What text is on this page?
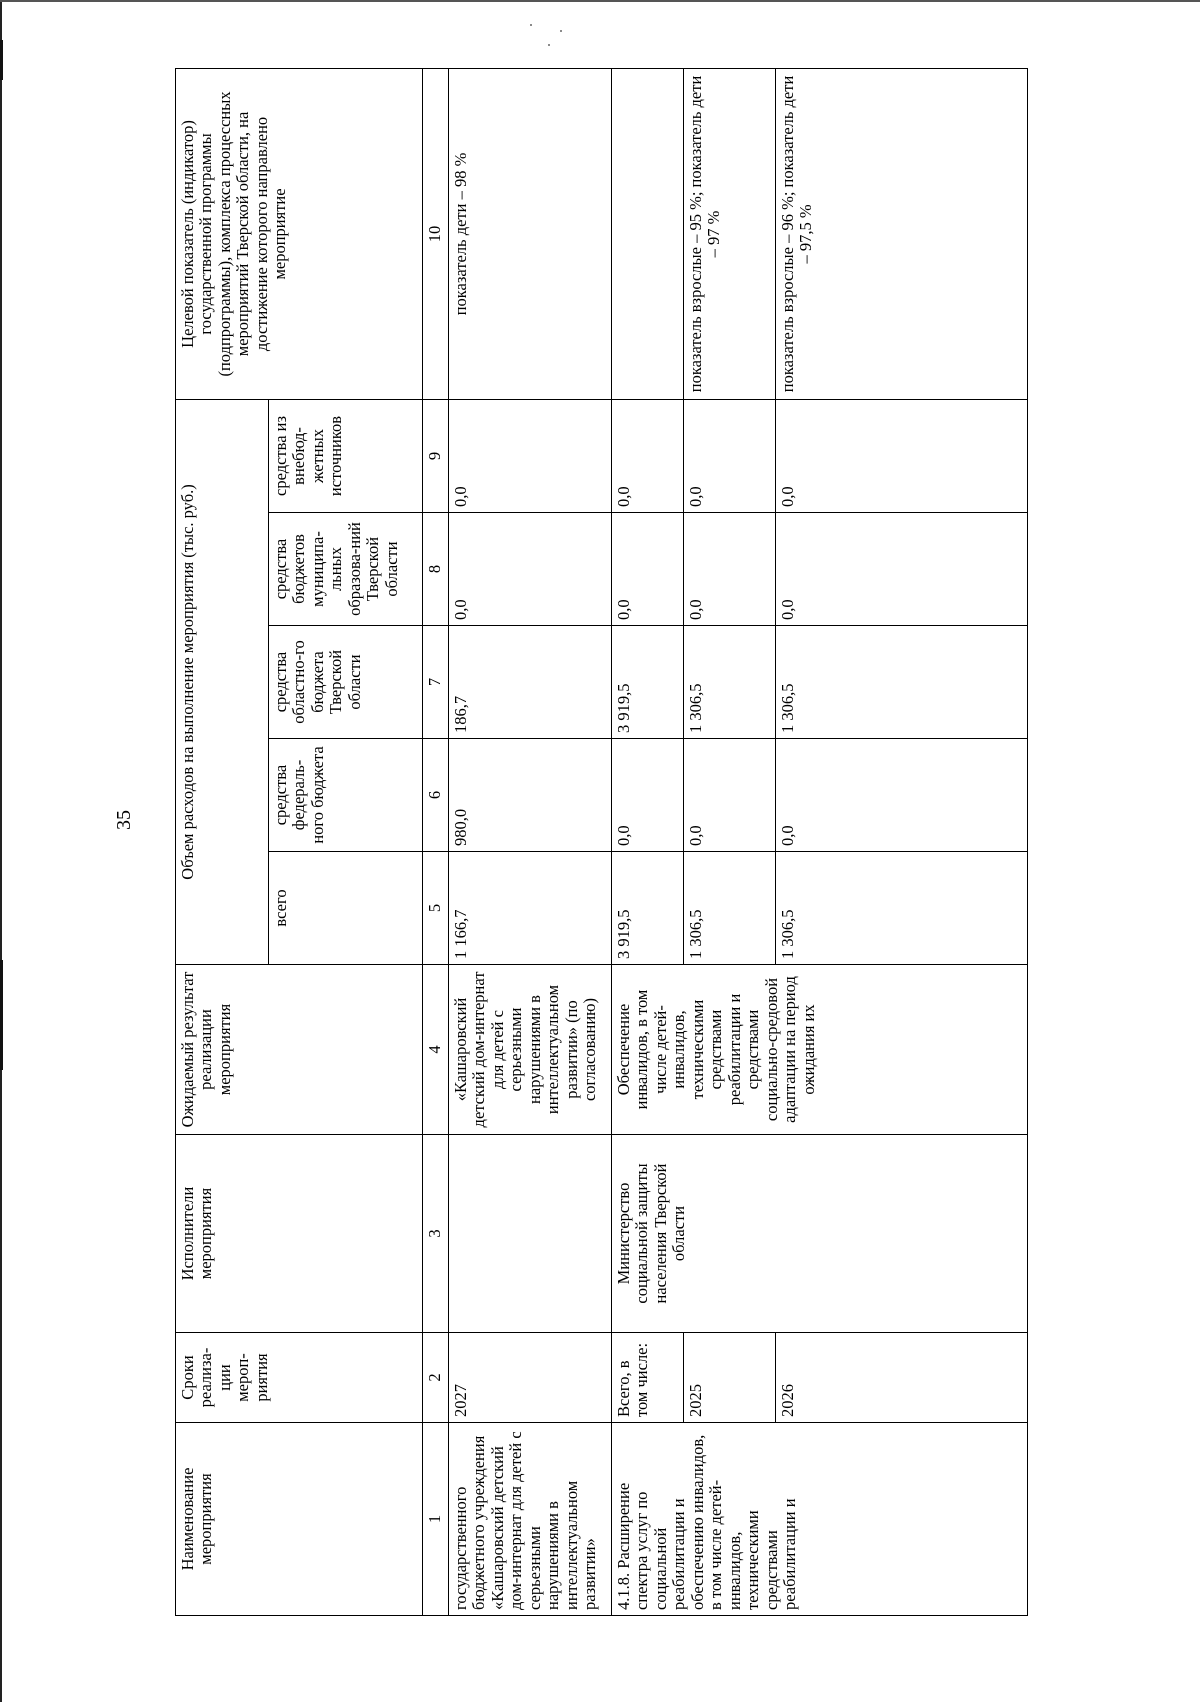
35
Наименование мероприятия	Сроки реализа-ции мероп-риятия	Исполнители мероприятия	Ожидаемый результат реализации мероприятия	Объем расходов на выполнение мероприятия (тыс. руб.)					Целевой показатель (индикатор) государственной программы (подпрограммы), комплекса процессных мероприятий Тверской области, на достижение которого направлено мероприятие
				всего	средства федераль-ного бюджета	средства областно-го бюджета Тверской области	средства бюджетов муниципа-льных образова-ний Тверской области	средства из внебюд-жетных источников	
1	2	3	4	5	6	7	8	9	10
государственного бюджетного учреждения «Кашаровский детский дом-интернат для детей с серьезными нарушениями в интеллектуальном развитии»	2027		«Кашаровский детский дом-интернат для детей с серьезными нарушениями в интеллектуальном развитии» (по согласованию)	1 166,7	980,0	186,7	0,0	0,0	показатель дети – 98 %
4.1.8. Расширение спектра услуг по социальной реабилитации и обеспечению инвалидов, в том числе детей-инвалидов, техническими средствами реабилитации и	Всего, в том числе:	Министерство социальной защиты населения Тверской области	Обеспечение инвалидов, в том числе детей-инвалидов, техническими средствами реабилитации и средствами социально-средовой адаптации на период ожидания их	3 919,5	0,0	3 919,5	0,0	0,0	
	2025			1 306,5	0,0	1 306,5	0,0	0,0	показатель взрослые – 95 %; показатель дети – 97 %
	2026			1 306,5	0,0	1 306,5	0,0	0,0	показатель взрослые – 96 %; показатель дети – 97,5 %
